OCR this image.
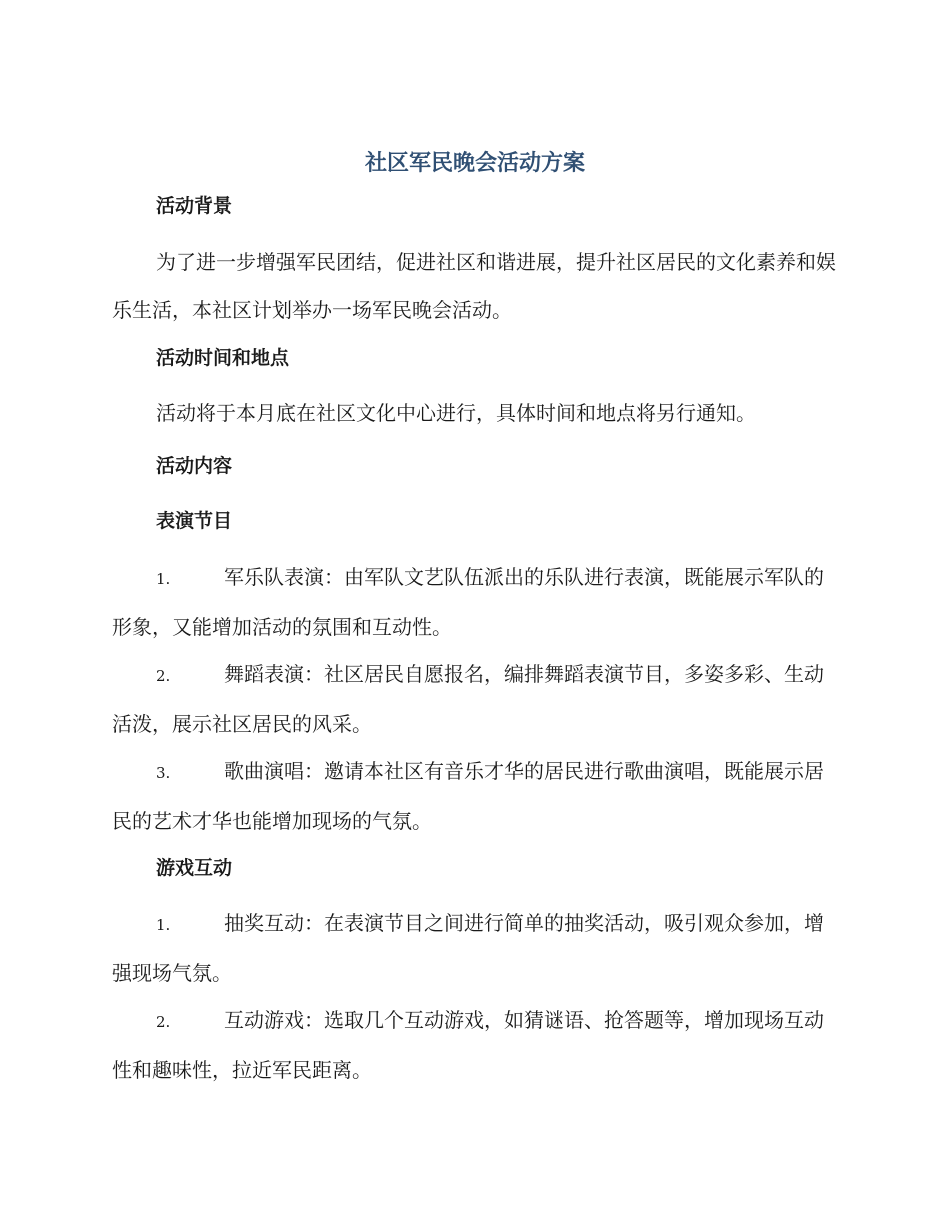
社区军民晚会活动方案
活动背景
为了进一步增强军民团结，促进社区和谐进展，提升社区居民的文化素养和娱乐生活，本社区计划举办一场军民晚会活动。
活动时间和地点
活动将于本月底在社区文化中心进行，具体时间和地点将另行通知。
活动内容
表演节目
1.	军乐队表演：由军队文艺队伍派出的乐队进行表演，既能展示军队的形象，又能增加活动的氛围和互动性。
2.	舞蹈表演：社区居民自愿报名，编排舞蹈表演节目，多姿多彩、生动活泼，展示社区居民的风采。
3.	歌曲演唱：邀请本社区有音乐才华的居民进行歌曲演唱，既能展示居民的艺术才华也能增加现场的气氛。
游戏互动
1.	抽奖互动：在表演节目之间进行简单的抽奖活动，吸引观众参加，增强现场气氛。
2.	互动游戏：选取几个互动游戏，如猜谜语、抢答题等，增加现场互动性和趣味性，拉近军民距离。
